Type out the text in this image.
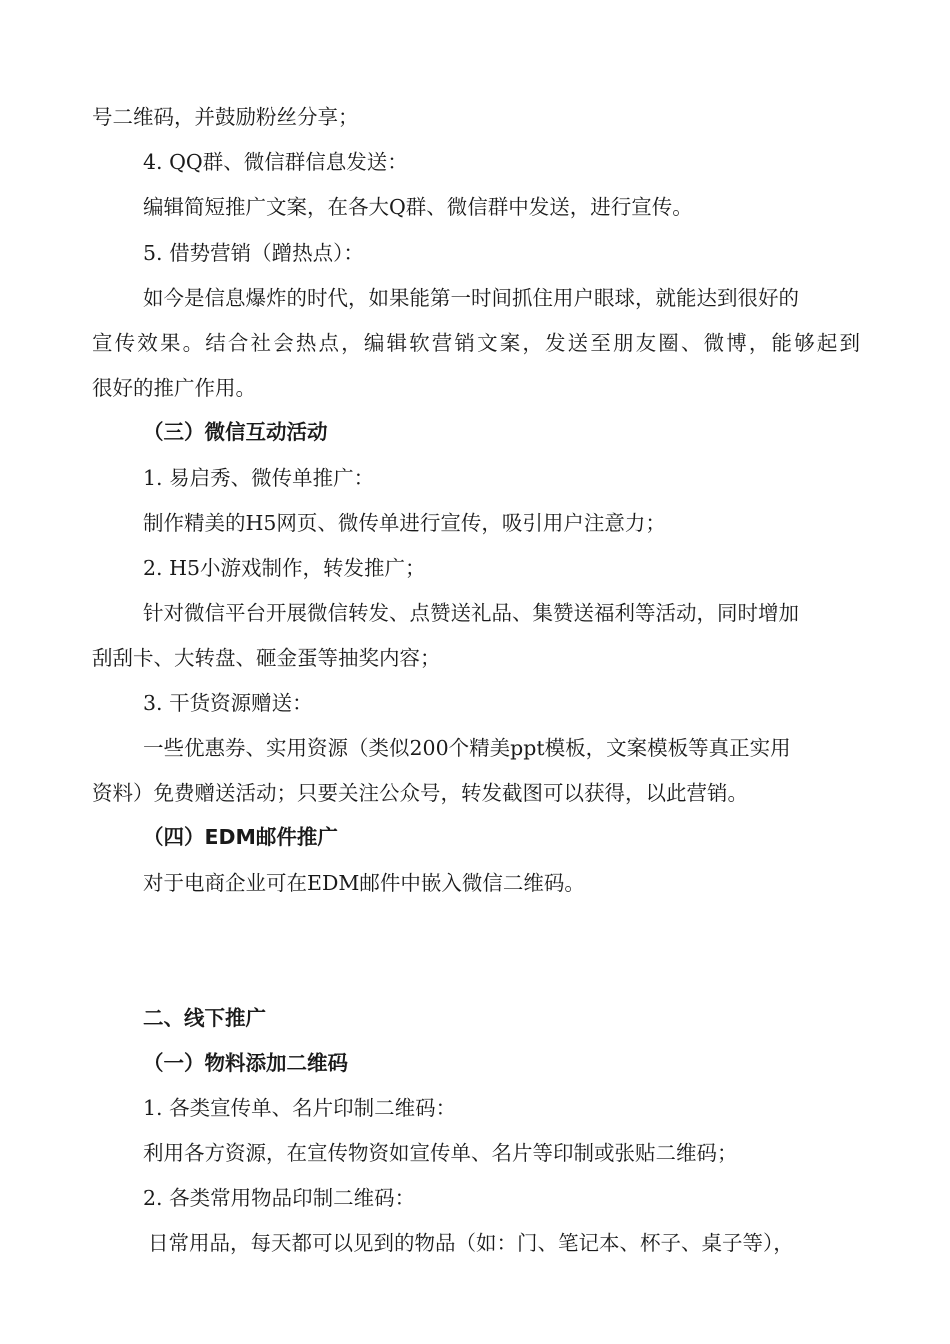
号二维码，并鼓励粉丝分享；
4. QQ群、微信群信息发送：
编辑简短推广文案，在各大Q群、微信群中发送，进行宣传。
5. 借势营销（蹭热点）：
如今是信息爆炸的时代，如果能第一时间抓住用户眼球，就能达到很好的
宣传效果。结合社会热点，编辑软营销文案，发送至朋友圈、微博，能够起到
很好的推广作用。
（三）微信互动活动
1. 易启秀、微传单推广：
制作精美的H5网页、微传单进行宣传，吸引用户注意力；
2. H5小游戏制作，转发推广；
针对微信平台开展微信转发、点赞送礼品、集赞送福利等活动，同时增加
刮刮卡、大转盘、砸金蛋等抽奖内容；
3. 干货资源赠送：
一些优惠券、实用资源（类似200个精美ppt模板，文案模板等真正实用
资料）免费赠送活动；只要关注公众号，转发截图可以获得，以此营销。
（四）EDM邮件推广
对于电商企业可在EDM邮件中嵌入微信二维码。
二、线下推广
（一）物料添加二维码
1. 各类宣传单、名片印制二维码：
利用各方资源，在宣传物资如宣传单、名片等印制或张贴二维码；
2. 各类常用物品印制二维码：
日常用品，每天都可以见到的物品（如：门、笔记本、杯子、桌子等），
